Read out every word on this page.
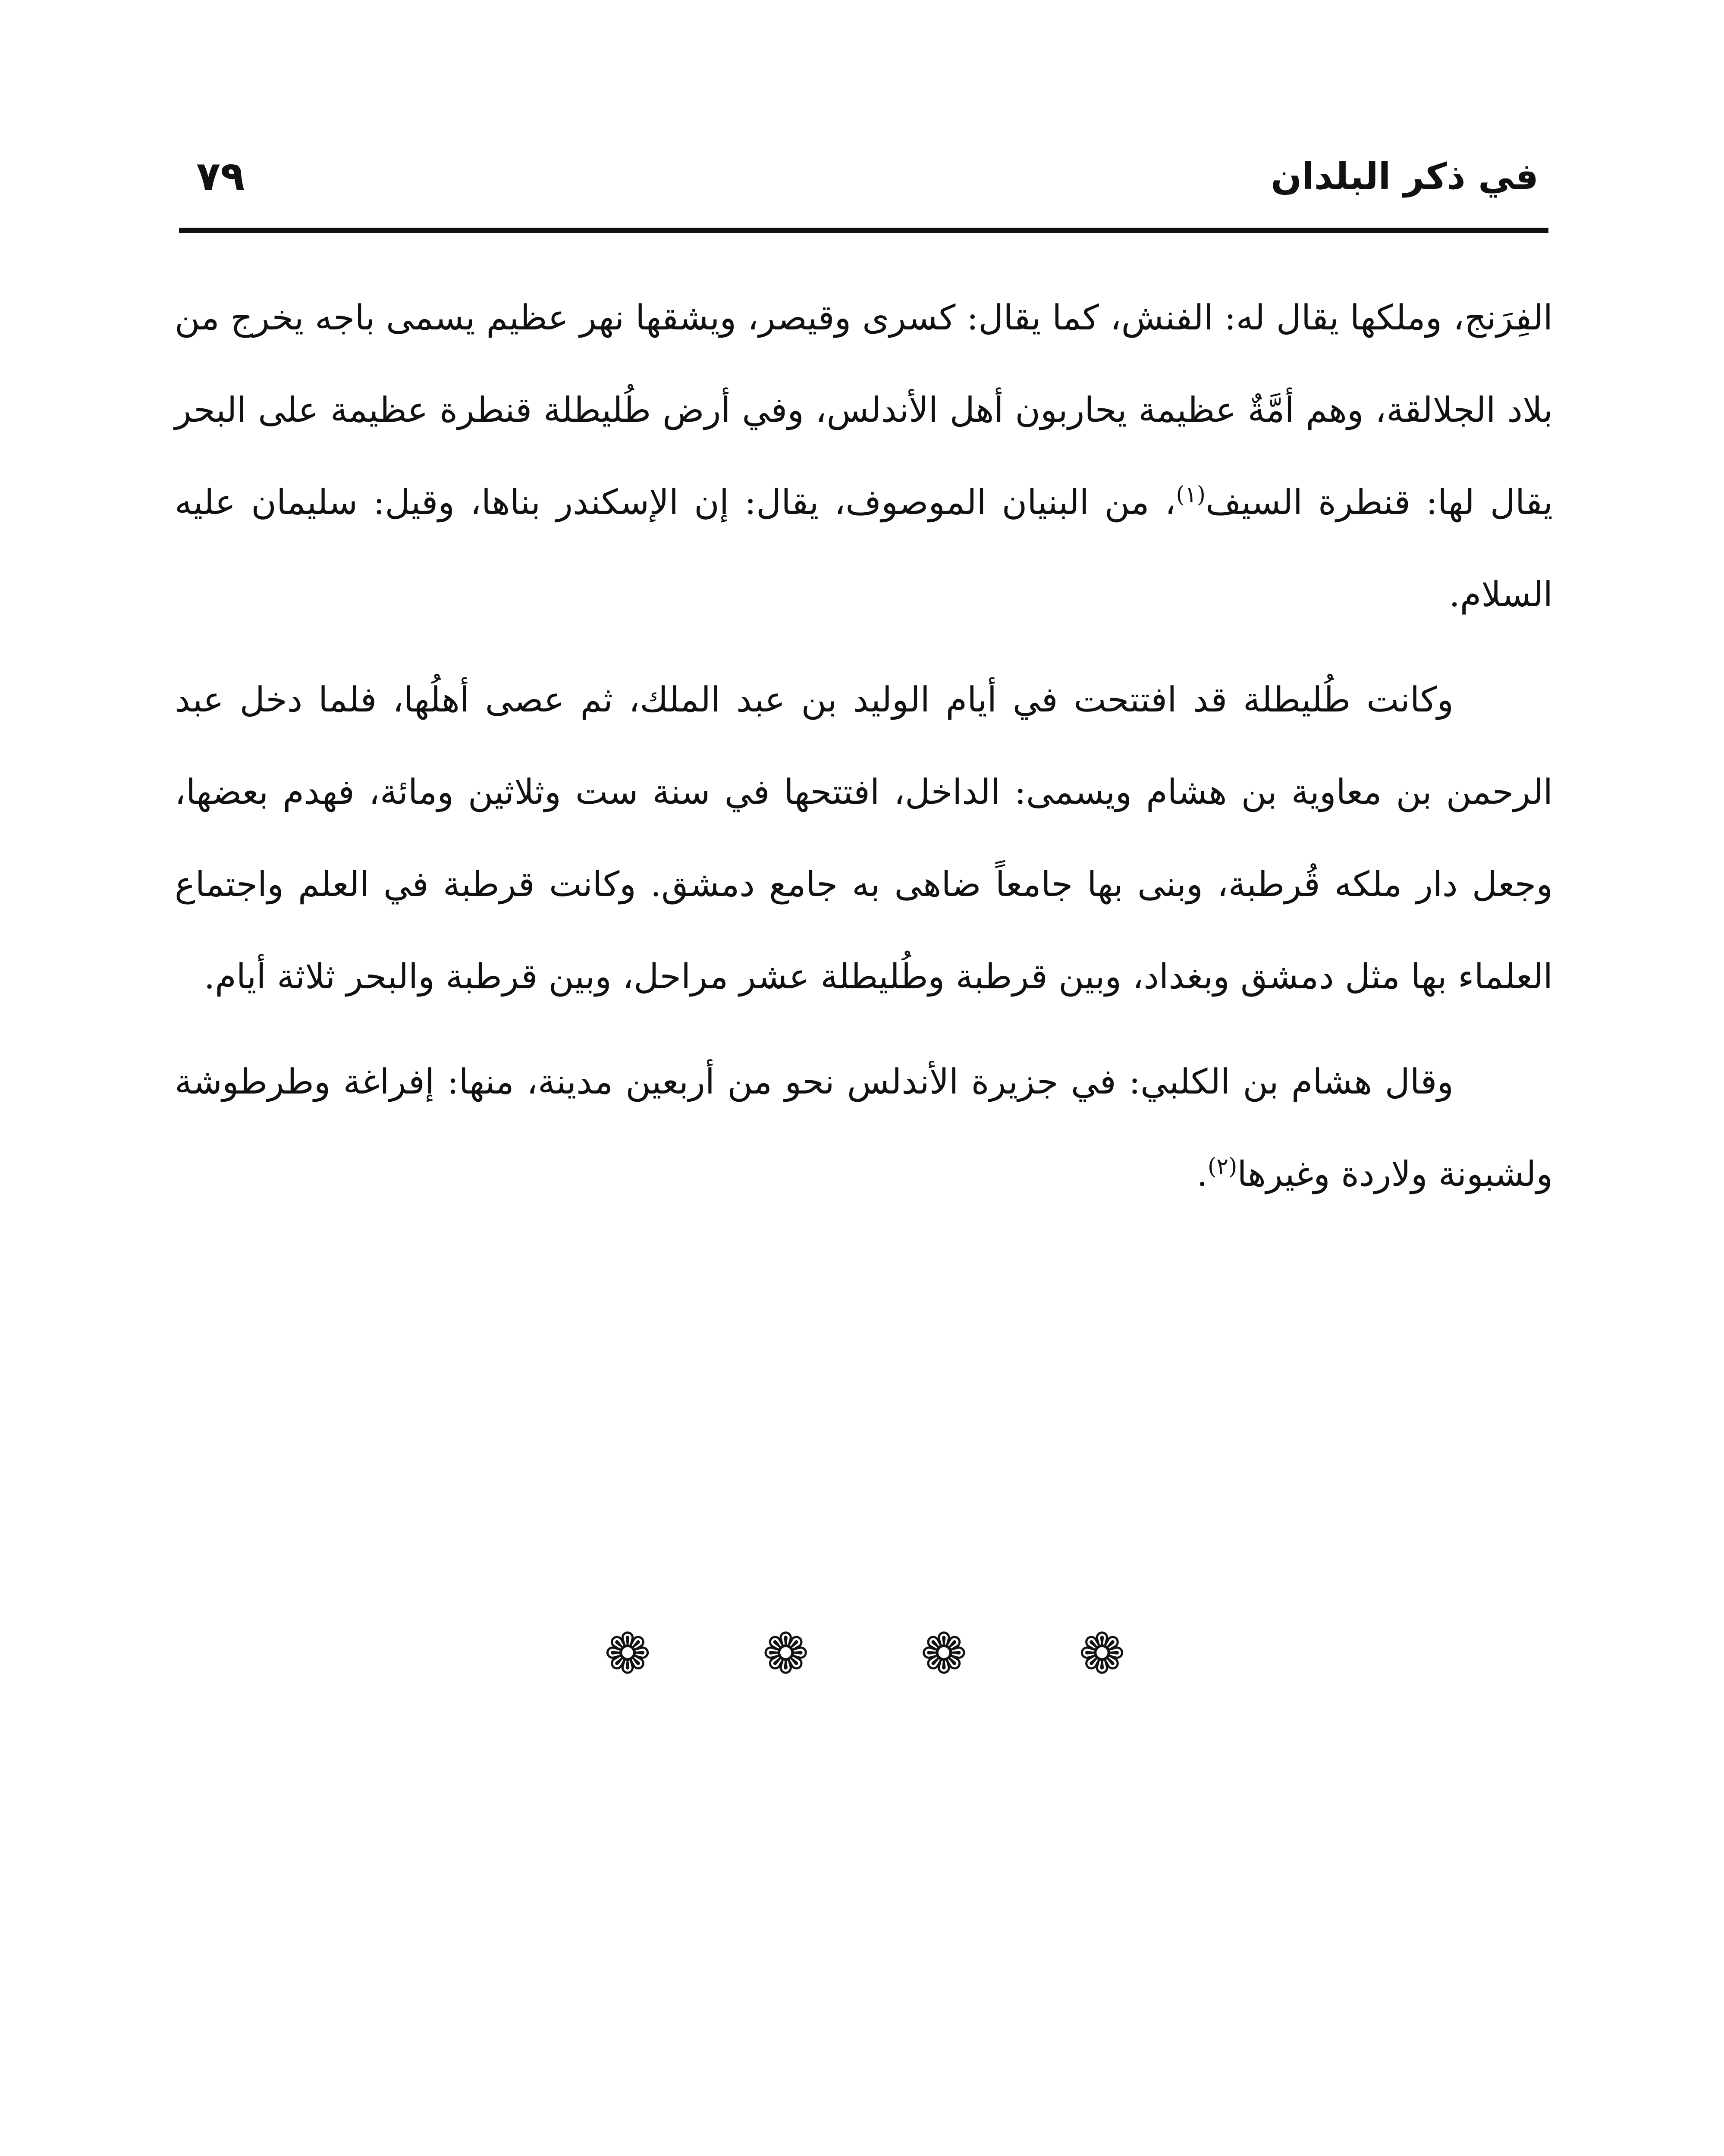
في ذكر البلدان
٧٩

الفِرَنج، وملكها يقال له: الفنش، كما يقال: كسرى وقيصر، ويشقها نهر عظيم يسمى باجه يخرج من بلاد الجلالقة، وهم أمَّةٌ عظيمة يحاربون أهل الأندلس، وفي أرض طُليطلة قنطرة عظيمة على البحر يقال لها: قنطرة السيف$^{(١)}$، من البنيان الموصوف، يقال: إن الإسكندر بناها، وقيل: سليمان عليه السلام.

وكانت طُليطلة قد افتتحت في أيام الوليد بن عبد الملك، ثم عصى أهلُها، فلما دخل عبد الرحمن بن معاوية بن هشام ويسمى: الداخل، افتتحها في سنة ست وثلاثين ومائة، فهدم بعضها، وجعل دار ملكه قُرطبة، وبنى بها جامعاً ضاهى به جامع دمشق. وكانت قرطبة في العلم واجتماع العلماء بها مثل دمشق وبغداد، وبين قرطبة وطُليطلة عشر مراحل، وبين قرطبة والبحر ثلاثة أيام.

وقال هشام بن الكلبي: في جزيرة الأندلس نحو من أربعين مدينة، منها: إفراغة وطرطوشة ولشبونة ولاردة وغيرها$^{(٢)}$.

❁ ❁ ❁ ❁
